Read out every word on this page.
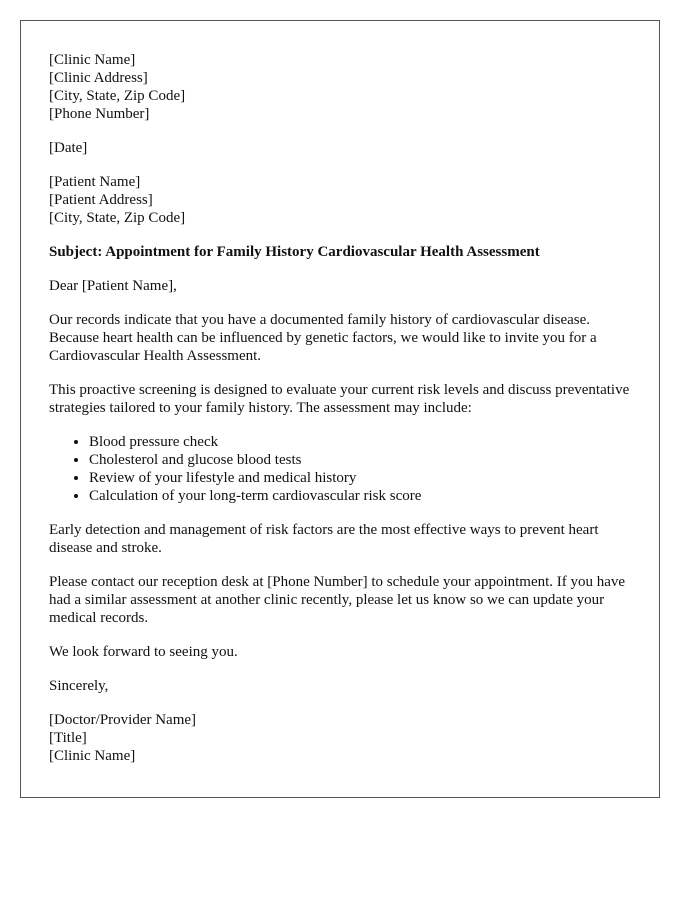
[Clinic Name]
[Clinic Address]
[City, State, Zip Code]
[Phone Number]

[Date]

[Patient Name]
[Patient Address]
[City, State, Zip Code]

Subject: Appointment for Family History Cardiovascular Health Assessment

Dear [Patient Name],

Our records indicate that you have a documented family history of cardiovascular disease. Because heart health can be influenced by genetic factors, we would like to invite you for a Cardiovascular Health Assessment.

This proactive screening is designed to evaluate your current risk levels and discuss preventative strategies tailored to your family history. The assessment may include:

• Blood pressure check
• Cholesterol and glucose blood tests
• Review of your lifestyle and medical history
• Calculation of your long-term cardiovascular risk score

Early detection and management of risk factors are the most effective ways to prevent heart disease and stroke.

Please contact our reception desk at [Phone Number] to schedule your appointment. If you have had a similar assessment at another clinic recently, please let us know so we can update your medical records.

We look forward to seeing you.

Sincerely,

[Doctor/Provider Name]
[Title]
[Clinic Name]
